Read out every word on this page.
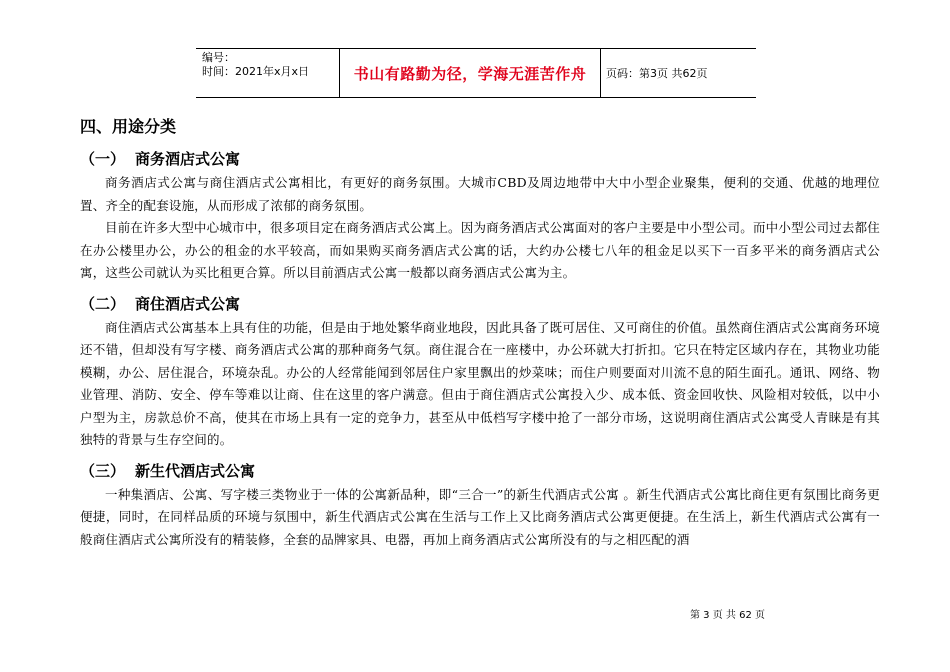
编号：
时间：2021年x月x日	书山有路勤为径，学海无涯苦作舟	页码：第3页 共62页
四、用途分类
（一） 商务酒店式公寓

商务酒店式公寓与商住酒店式公寓相比，有更好的商务氛围。大城市CBD及周边地带中大中小型企业聚集，便利的交通、优越的地理位置、齐全的配套设施，从而形成了浓郁的商务氛围。

目前在许多大型中心城市中，很多项目定在商务酒店式公寓上。因为商务酒店式公寓面对的客户主要是中小型公司。而中小型公司过去都住在办公楼里办公，办公的租金的水平较高，而如果购买商务酒店式公寓的话，大约办公楼七八年的租金足以买下一百多平米的商务酒店式公寓，这些公司就认为买比租更合算。所以目前酒店式公寓一般都以商务酒店式公寓为主。

（二） 商住酒店式公寓

商住酒店式公寓基本上具有住的功能，但是由于地处繁华商业地段，因此具备了既可居住、又可商住的价值。虽然商住酒店式公寓商务环境还不错，但却没有写字楼、商务酒店式公寓的那种商务气氛。商住混合在一座楼中，办公环就大打折扣。它只在特定区域内存在，其物业功能模糊，办公、居住混合，环境杂乱。办公的人经常能闻到邻居住户家里飘出的炒菜味；而住户则要面对川流不息的陌生面孔。通讯、网络、物业管理、消防、安全、停车等难以让商、住在这里的客户满意。但由于商住酒店式公寓投入少、成本低、资金回收快、风险相对较低，以中小户型为主，房款总价不高，使其在市场上具有一定的竞争力，甚至从中低档写字楼中抢了一部分市场，这说明商住酒店式公寓受人青睐是有其独特的背景与生存空间的。

（三） 新生代酒店式公寓

一种集酒店、公寓、写字楼三类物业于一体的公寓新品种，即“三合一”的新生代酒店式公寓 。新生代酒店式公寓比商住更有氛围比商务更便捷，同时，在同样品质的环境与氛围中，新生代酒店式公寓在生活与工作上又比商务酒店式公寓更便捷。在生活上，新生代酒店式公寓有一般商住酒店式公寓所没有的精装修，全套的品牌家具、电器，再加上商务酒店式公寓所没有的与之相匹配的酒

第 3 页 共 62 页
